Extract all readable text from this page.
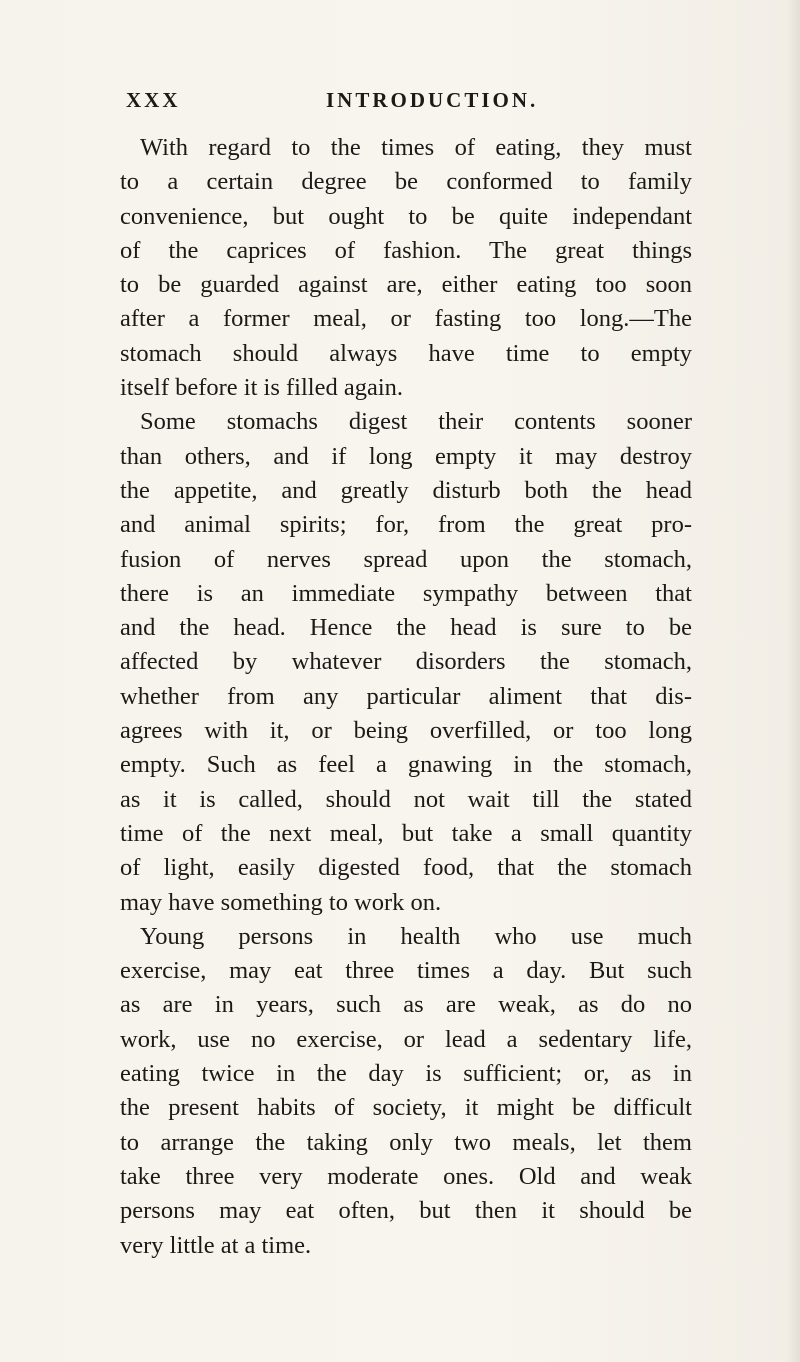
XXX	INTRODUCTION.
With regard to the times of eating, they must
to a certain degree be conformed to family
convenience, but ought to be quite independant
of the caprices of fashion. The great things
to be guarded against are, either eating too soon
after a former meal, or fasting too long.—The
stomach should always have time to empty
itself before it is filled again.
Some stomachs digest their contents sooner
than others, and if long empty it may destroy
the appetite, and greatly disturb both the head
and animal spirits; for, from the great pro-
fusion of nerves spread upon the stomach,
there is an immediate sympathy between that
and the head. Hence the head is sure to be
affected by whatever disorders the stomach,
whether from any particular aliment that dis-
agrees with it, or being overfilled, or too long
empty. Such as feel a gnawing in the stomach,
as it is called, should not wait till the stated
time of the next meal, but take a small quantity
of light, easily digested food, that the stomach
may have something to work on.
Young persons in health who use much
exercise, may eat three times a day. But such
as are in years, such as are weak, as do no
work, use no exercise, or lead a sedentary life,
eating twice in the day is sufficient; or, as in
the present habits of society, it might be difficult
to arrange the taking only two meals, let them
take three very moderate ones. Old and weak
persons may eat often, but then it should be
very little at a time.
